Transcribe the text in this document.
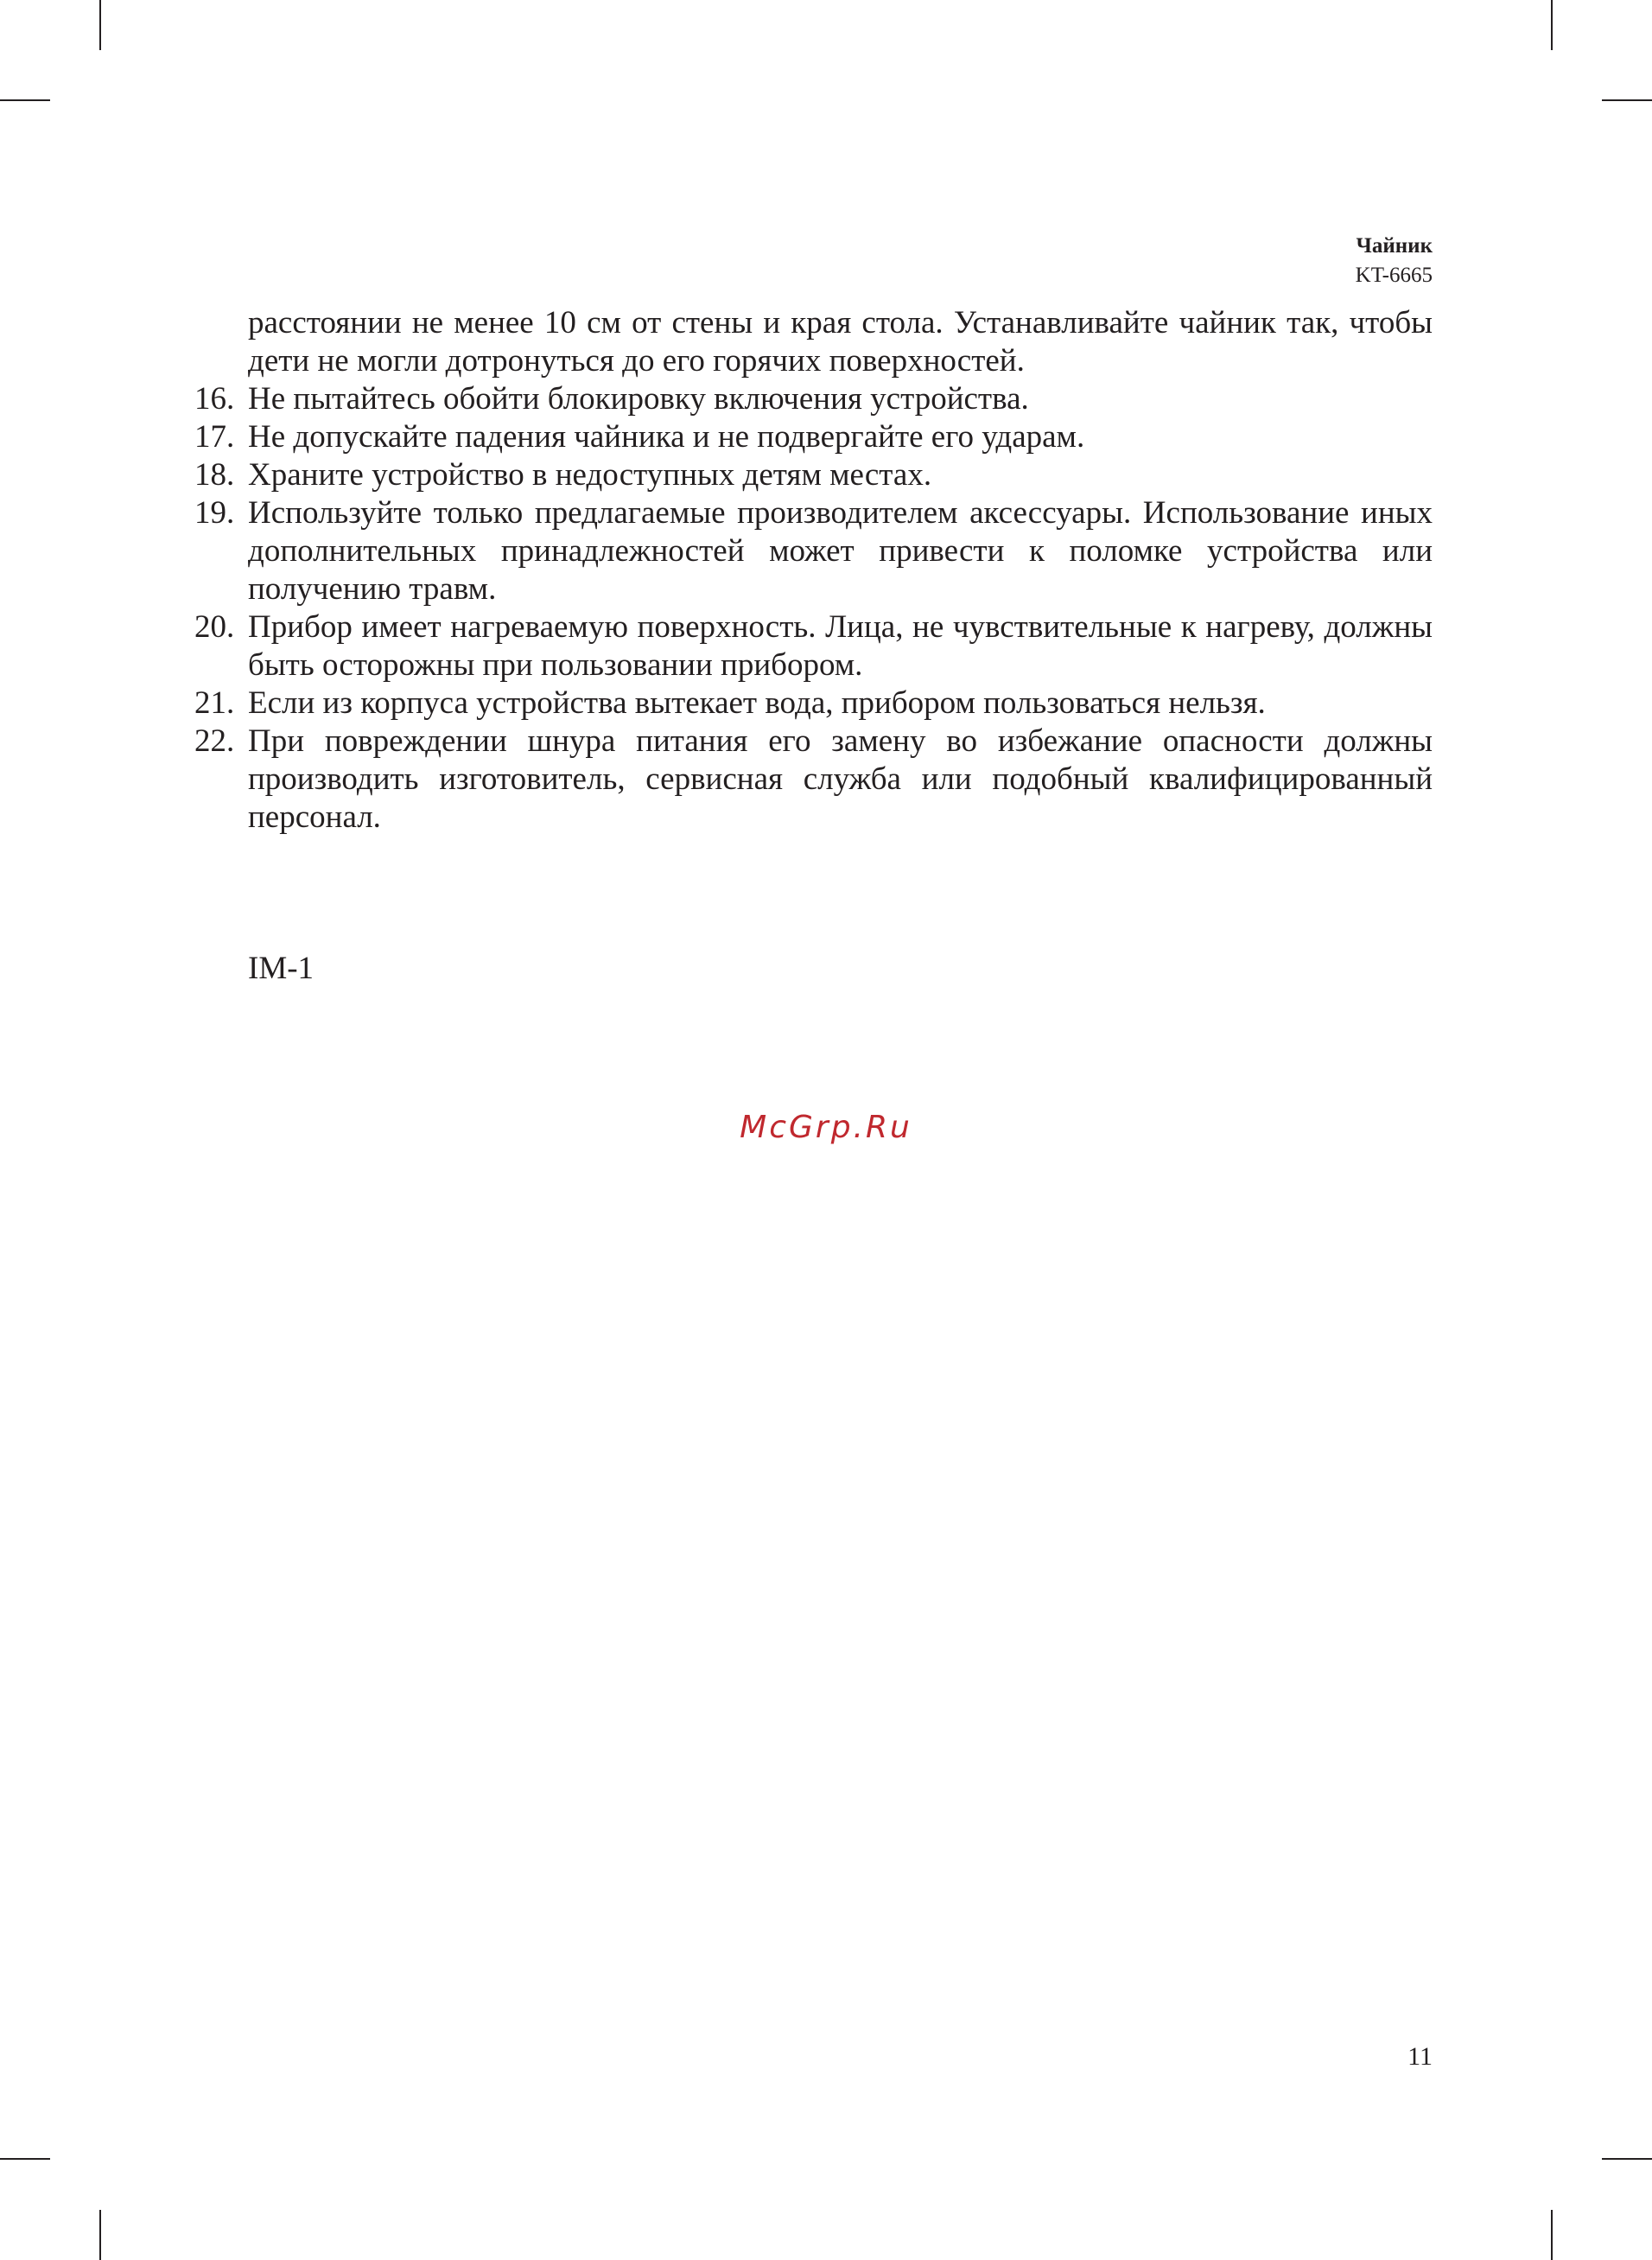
Чайник
KT-6665
расстоянии не менее 10 см от стены и края стола. Устанавливайте чайник так, чтобы дети не могли дотронуться до его горячих поверхностей.
16. Не пытайтесь обойти блокировку включения устройства.
17. Не допускайте падения чайника и не подвергайте его ударам.
18. Храните устройство в недоступных детям местах.
19. Используйте только предлагаемые производителем аксессуары. Использование иных дополнительных принадлежностей может привести к поломке устройства или получению травм.
20. Прибор имеет нагреваемую поверхность. Лица, не чувствительные к нагреву, должны быть осторожны при пользовании прибором.
21. Если из корпуса устройства вытекает вода, прибором пользоваться нельзя.
22. При повреждении шнура питания его замену во избежание опасности должны производить изготовитель, сервисная служба или подобный квалифицированный персонал.
IM-1
McGrp.Ru
11
